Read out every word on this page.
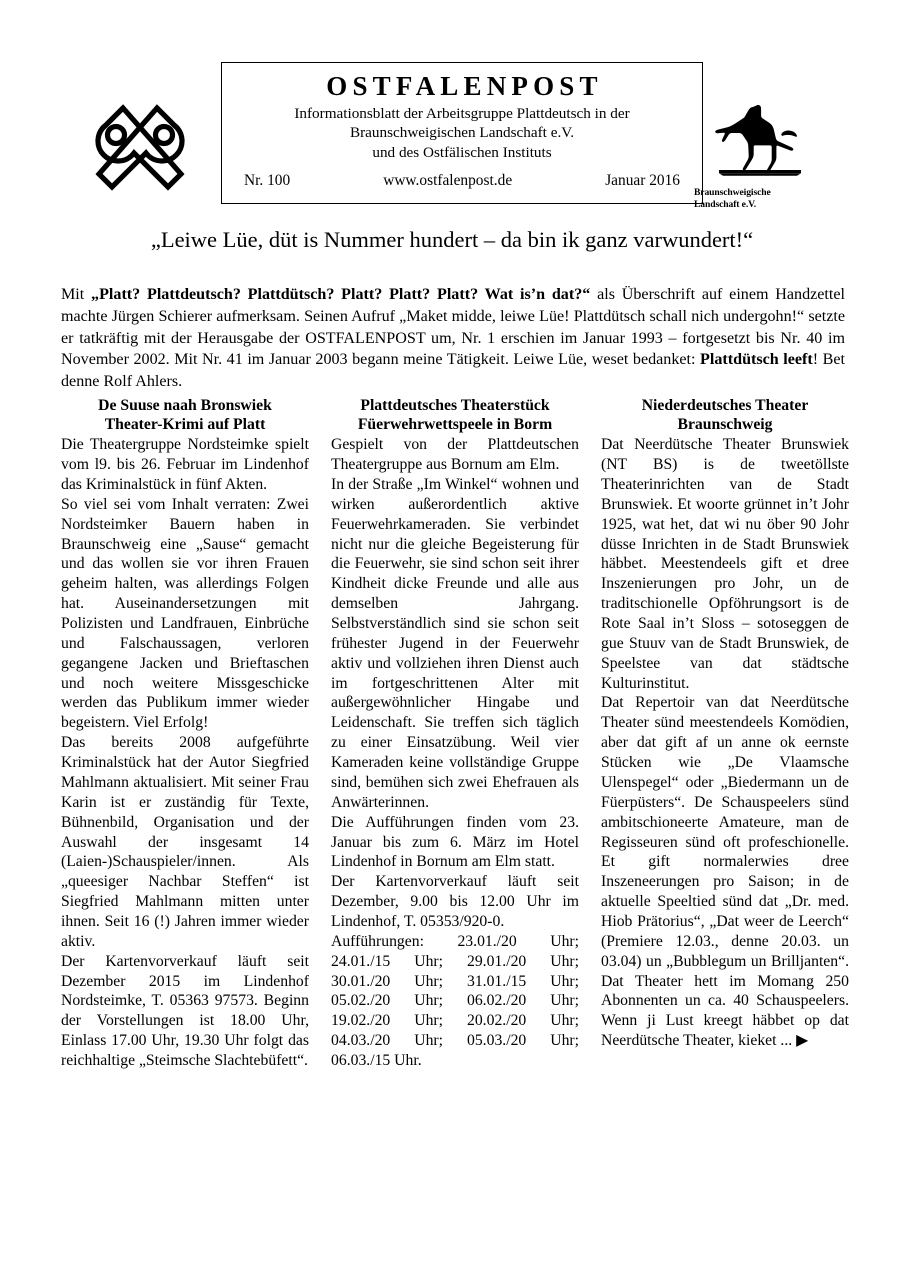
OSTFALENPOST
Informationsblatt der Arbeitsgruppe Plattdeutsch in der
Braunschweigischen Landschaft e.V.
und des Ostfälischen Instituts
Nr. 100	www.ostfalenpost.de	Januar 2016
Braunschweigische
Landschaft e.V.
„Leiwe Lüe, düt is Nummer hundert – da bin ik ganz varwundert!“

Mit „Platt? Plattdeutsch? Plattdütsch? Platt? Platt? Platt? Wat is’n dat?“ als Überschrift auf einem Handzettel machte Jürgen Schierer aufmerksam. Seinen Aufruf „Maket midde, leiwe Lüe! Plattdütsch schall nich undergohn!“ setzte er tatkräftig mit der Herausgabe der OSTFALENPOST um, Nr. 1 erschien im Januar 1993 – fortgesetzt bis Nr. 40 im November 2002. Mit Nr. 41 im Januar 2003 begann meine Tätigkeit. Leiwe Lüe, weset bedanket: Plattdütsch leeft! Bet denne Rolf Ahlers.

De Suuse naah Bronswiek
Theater-Krimi auf Platt

Die Theatergruppe Nordsteimke spielt vom l9. bis 26. Februar im Lindenhof das Kriminalstück in fünf Akten.

So viel sei vom Inhalt verraten: Zwei Nordsteimker Bauern haben in Braunschweig eine „Sause“ gemacht und das wollen sie vor ihren Frauen geheim halten, was allerdings Folgen hat. Auseinandersetzungen mit Polizisten und Landfrauen, Einbrüche und Falschaussagen, verloren gegangene Jacken und Brieftaschen und noch weitere Missgeschicke werden das Publikum immer wieder begeistern. Viel Erfolg!

Das bereits 2008 aufgeführte Kriminalstück hat der Autor Siegfried Mahlmann aktualisiert. Mit seiner Frau Karin ist er zuständig für Texte, Bühnenbild, Organisation und der Auswahl der insgesamt 14 (Laien-)Schauspieler/innen. Als „queesiger Nachbar Steffen“ ist Siegfried Mahlmann mitten unter ihnen. Seit 16 (!) Jahren immer wieder aktiv.

Der Kartenvorverkauf läuft seit Dezember 2015 im Lindenhof Nordsteimke, T. 05363 97573. Beginn der Vorstellungen ist 18.00 Uhr, Einlass 17.00 Uhr, 19.30 Uhr folgt das reichhaltige „Steimsche Slachtebüfett“.

Plattdeutsches Theaterstück
Füerwehrwettspeele in Borm

Gespielt von der Plattdeutschen Theatergruppe aus Bornum am Elm.

In der Straße „Im Winkel“ wohnen und wirken außerordentlich aktive Feuerwehrkameraden. Sie verbindet nicht nur die gleiche Begeisterung für die Feuerwehr, sie sind schon seit ihrer Kindheit dicke Freunde und alle aus demselben Jahrgang. Selbstverständlich sind sie schon seit frühester Jugend in der Feuerwehr aktiv und vollziehen ihren Dienst auch im fortgeschrittenen Alter mit außergewöhnlicher Hingabe und Leidenschaft. Sie treffen sich täglich zu einer Einsatzübung. Weil vier Kameraden keine vollständige Gruppe sind, bemühen sich zwei Ehefrauen als Anwärterinnen.

Die Aufführungen finden vom 23. Januar bis zum 6. März im Hotel Lindenhof in Bornum am Elm statt.

Der Kartenvorverkauf läuft seit Dezember, 9.00 bis 12.00 Uhr im Lindenhof, T. 05353/920-0.

Aufführungen: 23.01./20 Uhr; 24.01./15 Uhr; 29.01./20 Uhr; 30.01./20 Uhr; 31.01./15 Uhr; 05.02./20 Uhr; 06.02./20 Uhr; 19.02./20 Uhr; 20.02./20 Uhr; 04.03./20 Uhr; 05.03./20 Uhr; 06.03./15 Uhr.

Niederdeutsches Theater
Braunschweig

Dat Neerdütsche Theater Brunswiek (NT BS) is de tweetöllste Theaterinrichten van de Stadt Brunswiek. Et woorte grünnet in’t Johr 1925, wat het, dat wi nu öber 90 Johr düsse Inrichten in de Stadt Brunswiek häbbet. Meestendeels gift et dree Inszenierungen pro Johr, un de traditschionelle Opföhrungsort is de Rote Saal in’t Sloss – sotoseggen de gue Stuuv van de Stadt Brunswiek, de Speelstee van dat städtsche Kulturinstitut.

Dat Repertoir van dat Neerdütsche Theater sünd meestendeels Komödien, aber dat gift af un anne ok eernste Stücken wie „De Vlaamsche Ulenspegel“ oder „Biedermann un de Füerpüsters“. De Schauspeelers sünd ambitschioneerte Amateure, man de Regisseuren sünd oft profeschionelle. Et gift normalerwies dree Inszeneerungen pro Saison; in de aktuelle Speeltied sünd dat „Dr. med. Hiob Prätorius“, „Dat weer de Leerch“ (Premiere 12.03., denne 20.03. un 03.04) un „Bubblegum un Brilljanten“. Dat Theater hett im Momang 250 Abonnenten un ca. 40 Schauspeelers. Wenn ji Lust kreegt häbbet op dat Neerdütsche Theater, kieket ... ▶
